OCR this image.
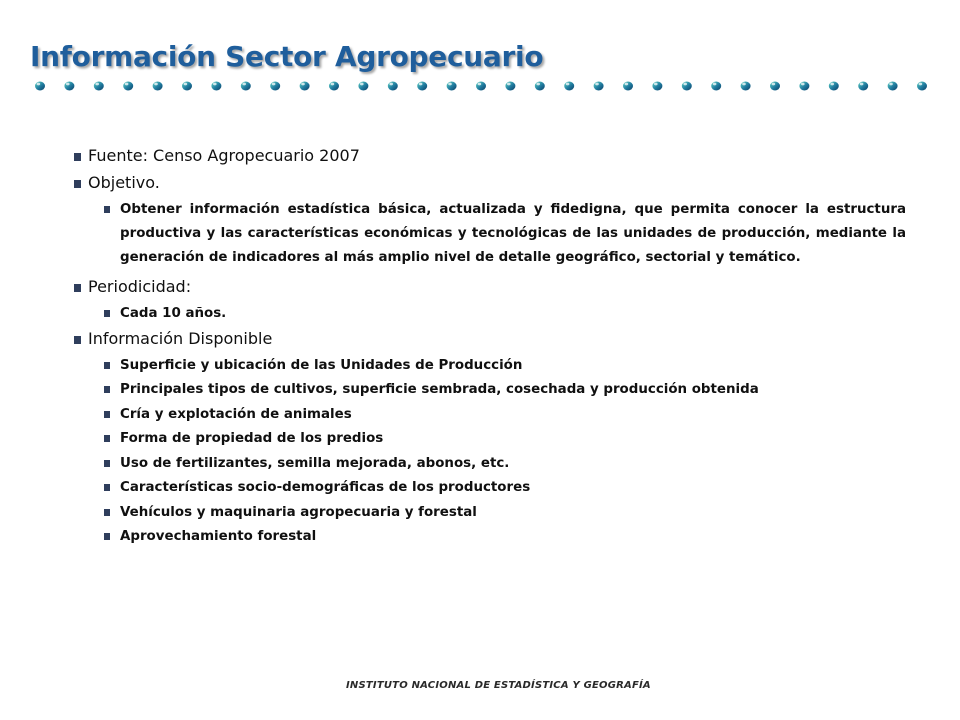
Información Sector Agropecuario
Fuente: Censo Agropecuario 2007
Objetivo.
Obtener información estadística básica, actualizada y fidedigna, que permita conocer la estructura productiva y las características económicas y tecnológicas de las unidades de producción, mediante la generación de indicadores al más amplio nivel de detalle geográfico, sectorial y temático.
Periodicidad:
Cada 10 años.
Información Disponible
Superficie y ubicación de las Unidades de Producción
Principales tipos de cultivos, superficie sembrada, cosechada y producción obtenida
Cría y explotación de animales
Forma de propiedad de los predios
Uso de fertilizantes, semilla mejorada, abonos, etc.
Características socio-demográficas de los productores
Vehículos y maquinaria agropecuaria y forestal
Aprovechamiento forestal
INSTITUTO NACIONAL DE ESTADÍSTICA Y GEOGRAFÍA
